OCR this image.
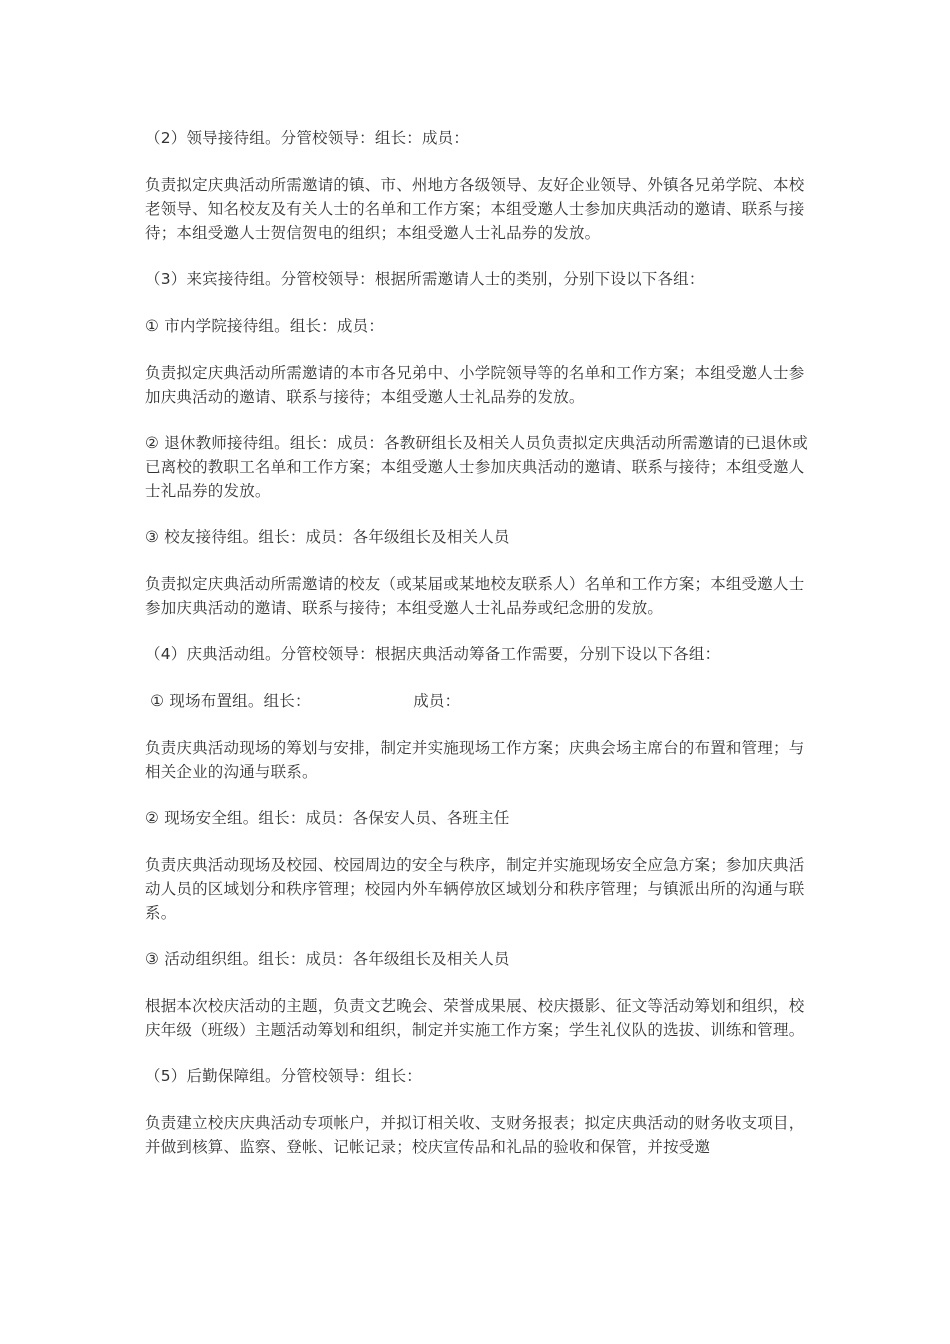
（2）领导接待组。分管校领导：组长：成员：

负责拟定庆典活动所需邀请的镇、市、州地方各级领导、友好企业领导、外镇各兄弟学院、本校老领导、知名校友及有关人士的名单和工作方案；本组受邀人士参加庆典活动的邀请、联系与接待；本组受邀人士贺信贺电的组织；本组受邀人士礼品券的发放。

（3）来宾接待组。分管校领导：根据所需邀请人士的类别，分别下设以下各组：

① 市内学院接待组。组长：成员：

负责拟定庆典活动所需邀请的本市各兄弟中、小学院领导等的名单和工作方案；本组受邀人士参加庆典活动的邀请、联系与接待；本组受邀人士礼品券的发放。

② 退休教师接待组。组长：成员：各教研组长及相关人员负责拟定庆典活动所需邀请的已退休或已离校的教职工名单和工作方案；本组受邀人士参加庆典活动的邀请、联系与接待；本组受邀人士礼品券的发放。

③ 校友接待组。组长：成员：各年级组长及相关人员

负责拟定庆典活动所需邀请的校友（或某届或某地校友联系人）名单和工作方案；本组受邀人士参加庆典活动的邀请、联系与接待；本组受邀人士礼品券或纪念册的发放。

（4）庆典活动组。分管校领导：根据庆典活动筹备工作需要，分别下设以下各组：

① 现场布置组。组长：                    成员：

负责庆典活动现场的筹划与安排，制定并实施现场工作方案；庆典会场主席台的布置和管理；与相关企业的沟通与联系。

② 现场安全组。组长：成员：各保安人员、各班主任

负责庆典活动现场及校园、校园周边的安全与秩序，制定并实施现场安全应急方案；参加庆典活动人员的区域划分和秩序管理；校园内外车辆停放区域划分和秩序管理；与镇派出所的沟通与联系。

③ 活动组织组。组长：成员：各年级组长及相关人员

根据本次校庆活动的主题，负责文艺晚会、荣誉成果展、校庆摄影、征文等活动筹划和组织，校庆年级（班级）主题活动筹划和组织，制定并实施工作方案；学生礼仪队的选拔、训练和管理。

（5）后勤保障组。分管校领导：组长：

负责建立校庆庆典活动专项帐户，并拟订相关收、支财务报表；拟定庆典活动的财务收支项目，并做到核算、监察、登帐、记帐记录；校庆宣传品和礼品的验收和保管，并按受邀
